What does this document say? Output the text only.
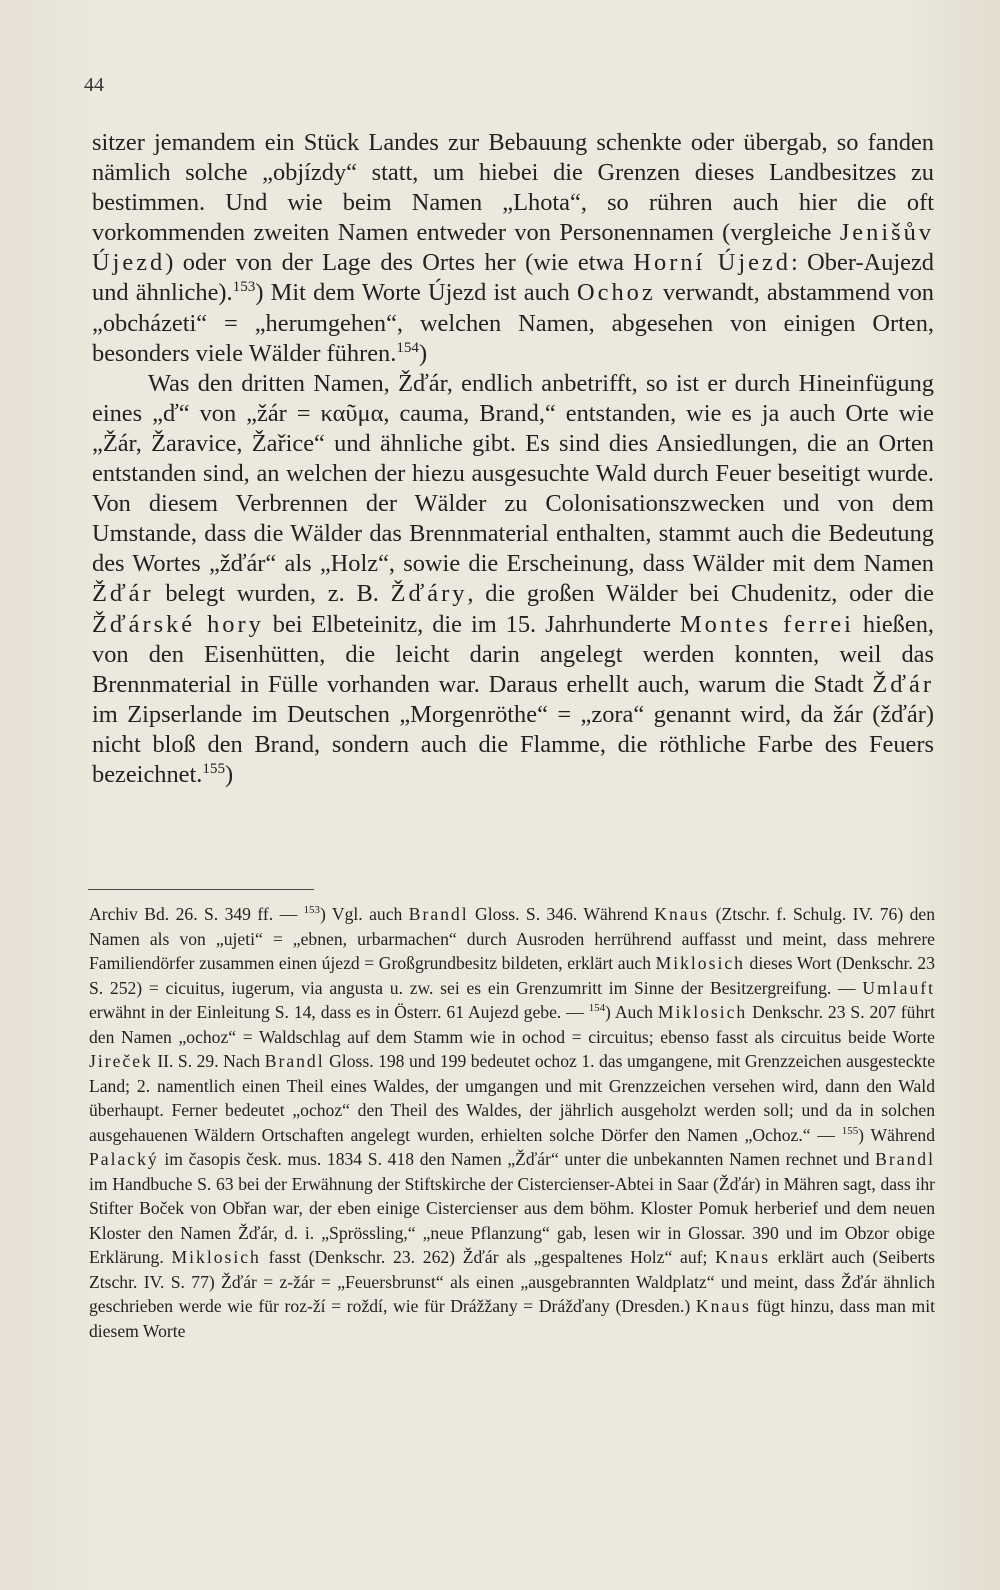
44

sitzer jemandem ein Stück Landes zur Bebauung schenkte oder übergab, so fanden nämlich solche „objízdy“ statt, um hiebei die Grenzen dieses Landbesitzes zu bestimmen. Und wie beim Namen „Lhota“, so rühren auch hier die oft vorkommenden zweiten Namen entweder von Personennamen (vergleiche Jenišův Újezd) oder von der Lage des Ortes her (wie etwa Horní Újezd: Ober-Aujezd und ähnliche).$^{153}$) Mit dem Worte Újezd ist auch Ochoz verwandt, abstammend von „obcházeti“ = „herumgehen“, welchen Namen, abgesehen von einigen Orten, besonders viele Wälder führen.$^{154}$)

Was den dritten Namen, Žďár, endlich anbetrifft, so ist er durch Hineinfügung eines „ď“ von „žár = καῦμα, cauma, Brand,“ entstanden, wie es ja auch Orte wie „Žár, Žaravice, Žařice“ und ähnliche gibt. Es sind dies Ansiedlungen, die an Orten entstanden sind, an welchen der hiezu ausgesuchte Wald durch Feuer beseitigt wurde. Von diesem Verbrennen der Wälder zu Colonisationszwecken und von dem Umstande, dass die Wälder das Brennmaterial enthalten, stammt auch die Bedeutung des Wortes „žďár“ als „Holz“, sowie die Erscheinung, dass Wälder mit dem Namen Žďár belegt wurden, z. B. Žďáry, die großen Wälder bei Chudenitz, oder die Žďárské hory bei Elbeteinitz, die im 15. Jahrhunderte Montes ferrei hießen, von den Eisenhütten, die leicht darin angelegt werden konnten, weil das Brennmaterial in Fülle vorhanden war. Daraus erhellt auch, warum die Stadt Žďár im Zipserlande im Deutschen „Morgenröthe“ = „zora“ genannt wird, da žár (žďár) nicht bloß den Brand, sondern auch die Flamme, die röthliche Farbe des Feuers bezeichnet.$^{155}$)

Archiv Bd. 26. S. 349 ff. — $^{153}$) Vgl. auch Brandl Gloss. S. 346. Während Knaus (Ztschr. f. Schulg. IV. 76) den Namen als von „ujeti“ = „ebnen, urbarmachen“ durch Ausroden herrührend auffasst und meint, dass mehrere Familiendörfer zusammen einen újezd = Großgrundbesitz bildeten, erklärt auch Miklosich dieses Wort (Denkschr. 23 S. 252) = cicuitus, iugerum, via angusta u. zw. sei es ein Grenzumritt im Sinne der Besitzergreifung. — Umlauft erwähnt in der Einleitung S. 14, dass es in Österr. 61 Aujezd gebe. — $^{154}$) Auch Miklosich Denkschr. 23 S. 207 führt den Namen „ochoz“ = Waldschlag auf dem Stamm wie in ochod = circuitus; ebenso fasst als circuitus beide Worte Jireček II. S. 29. Nach Brandl Gloss. 198 und 199 bedeutet ochoz 1. das umgangene, mit Grenzzeichen ausgesteckte Land; 2. namentlich einen Theil eines Waldes, der umgangen und mit Grenzzeichen versehen wird, dann den Wald überhaupt. Ferner bedeutet „ochoz“ den Theil des Waldes, der jährlich ausgeholzt werden soll; und da in solchen ausgehauenen Wäldern Ortschaften angelegt wurden, erhielten solche Dörfer den Namen „Ochoz.“ — $^{155}$) Während Palacký im časopis česk. mus. 1834 S. 418 den Namen „Žďár“ unter die unbekannten Namen rechnet und Brandl im Handbuche S. 63 bei der Erwähnung der Stiftskirche der Cistercienser-Abtei in Saar (Žďár) in Mähren sagt, dass ihr Stifter Boček von Obřan war, der eben einige Cistercienser aus dem böhm. Kloster Pomuk herberief und dem neuen Kloster den Namen Žďár, d. i. „Sprössling,“ „neue Pflanzung“ gab, lesen wir in Glossar. 390 und im Obzor obige Erklärung. Miklosich fasst (Denkschr. 23. 262) Žďár als „gespaltenes Holz“ auf; Knaus erklärt auch (Seiberts Ztschr. IV. S. 77) Žďár = z-žár = „Feuersbrunst“ als einen „ausgebrannten Waldplatz“ und meint, dass Žďár ähnlich geschrieben werde wie für roz-ží = roždí, wie für Drážžany = Drážďany (Dresden.) Knaus fügt hinzu, dass man mit diesem Worte
